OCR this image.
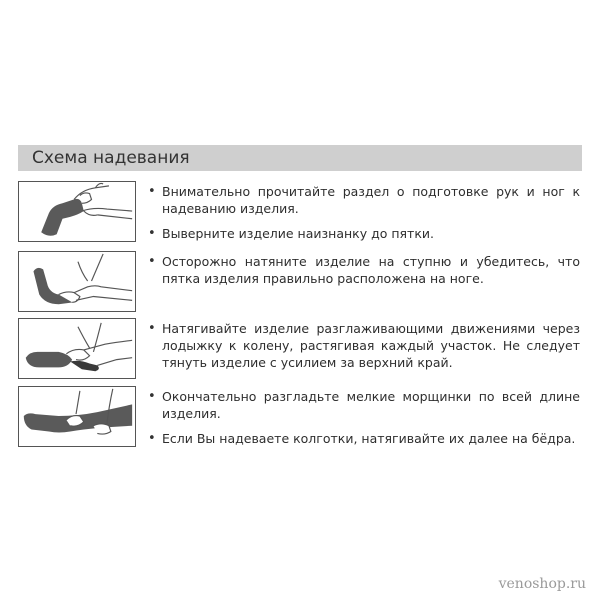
Схема надевания
• Внимательно прочитайте раздел о подготовке рук и ног к надеванию изделия.
• Выверните изделие наизнанку до пятки.
• Осторожно натяните изделие на ступню и убедитесь, что пятка изделия правильно расположена на ноге.
• Натягивайте изделие разглаживающими движениями через лодыжку к колену, растягивая каждый участок. Не следует тянуть изделие с усилием за верхний край.
• Окончательно разгладьте мелкие морщинки по всей длине изделия.
• Если Вы надеваете колготки, натягивайте их далее на бёдра.
venoshop.ru
